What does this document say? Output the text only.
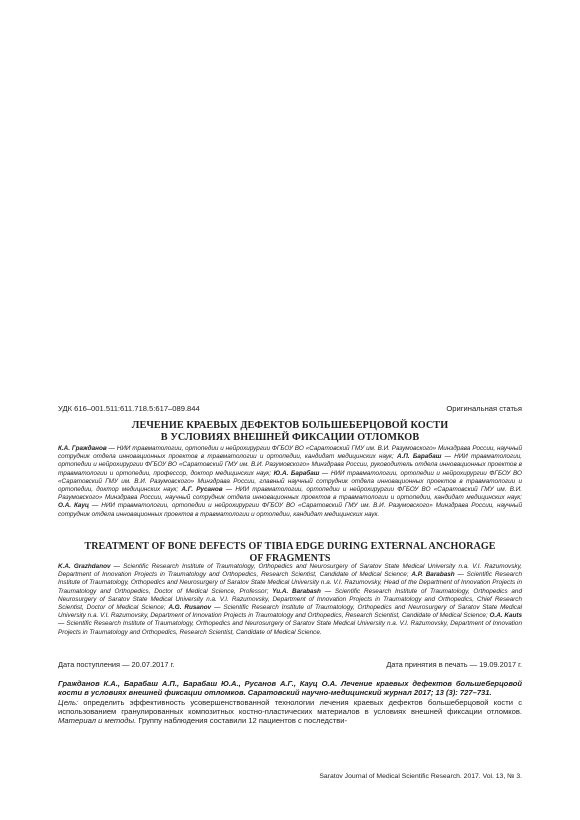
УДК 616–001.511:611.718.5:617–089.844	Оригинальная статья
ЛЕЧЕНИЕ КРАЕВЫХ ДЕФЕКТОВ БОЛЬШЕБЕРЦОВОЙ КОСТИ
В УСЛОВИЯХ ВНЕШНЕЙ ФИКСАЦИИ ОТЛОМКОВ
К.А. Гражданов — НИИ травматологии, ортопедии и нейрохирургии ФГБОУ ВО «Саратовский ГМУ им. В.И. Разумовского» Минздрава России, научный сотрудник отдела инновационных проектов в травматологии и ортопедии, кандидат медицинских наук; А.П. Барабаш — НИИ травматологии, ортопедии и нейрохирургии ФГБОУ ВО «Саратовский ГМУ им. В.И. Разумовского» Минздрава России, руководитель отдела инновационных проектов в травматологии и ортопедии, профессор, доктор медицинских наук; Ю.А. Барабаш — НИИ травматологии, ортопедии и нейрохирургии ФГБОУ ВО «Саратовский ГМУ им. В.И. Разумовского» Минздрава России, главный научный сотрудник отдела инновационных проектов в травматологии и ортопедии, доктор медицинских наук; А.Г. Русанов — НИИ травматологии, ортопедии и нейрохирургии ФГБОУ ВО «Саратовский ГМУ им. В.И. Разумовского» Минздрава России, научный сотрудник отдела инновационных проектов в травматологии и ортопедии, кандидат медицинских наук; О.А. Кауц — НИИ травматологии, ортопедии и нейрохирургии ФГБОУ ВО «Саратовский ГМУ им. В.И. Разумовского» Минздрава России, научный сотрудник отдела инновационных проектов в травматологии и ортопедии, кандидат медицинских наук.
TREATMENT OF BONE DEFECTS OF TIBIA EDGE DURING EXTERNAL ANCHORAGE
OF FRAGMENTS
K.A. Grazhdanov — Scientific Research Institute of Traumatology, Orthopedics and Neurosurgery of Saratov State Medical University n.a. V.I. Razumovsky, Department of Innovation Projects in Traumatology and Orthopedics, Research Scientist, Candidate of Medical Science; A.P. Barabash — Scientific Research Institute of Traumatology, Orthopedics and Neurosurgery of Saratov State Medical University n.a. V.I. Razumovsky, Head of the Department of Innovation Projects in Traumatology and Orthopedics, Doctor of Medical Science, Professor; Yu.A. Barabash — Scientific Research Institute of Traumatology, Orthopedics and Neurosurgery of Saratov State Medical University n.a. V.I. Razumovsky, Department of Innovation Projects in Traumatology and Orthopedics, Chief Research Scientist, Doctor of Medical Science; A.G. Rusanov — Scientific Research Institute of Traumatology, Orthopedics and Neurosurgery of Saratov State Medical University n.a. V.I. Razumovsky, Department of Innovation Projects in Traumatology and Orthopedics, Research Scientist, Candidate of Medical Science; O.A. Kauts — Scientific Research Institute of Traumatology, Orthopedics and Neurosurgery of Saratov State Medical University n.a. V.I. Razumovsky, Department of Innovation Projects in Traumatology and Orthopedics, Research Scientist, Candidate of Medical Science.
Дата поступления — 20.07.2017 г.	Дата принятия в печать — 19.09.2017 г.
Гражданов К.А., Барабаш А.П., Барабаш Ю.А., Русанов А.Г., Кауц О.А. Лечение краевых дефектов большеберцовой кости в условиях внешней фиксации отломков. Саратовский научно-медицинский журнал 2017; 13 (3): 727–731.
Цель: определить эффективность усовершенствованной технологии лечения краевых дефектов большеберцовой кости с использованием гранулированных композитных костно-пластических материалов в условиях внешней фиксации отломков. Материал и методы. Группу наблюдения составили 12 пациентов с последстви-
Saratov Journal of Medical Scientific Research. 2017. Vol. 13, № 3.
